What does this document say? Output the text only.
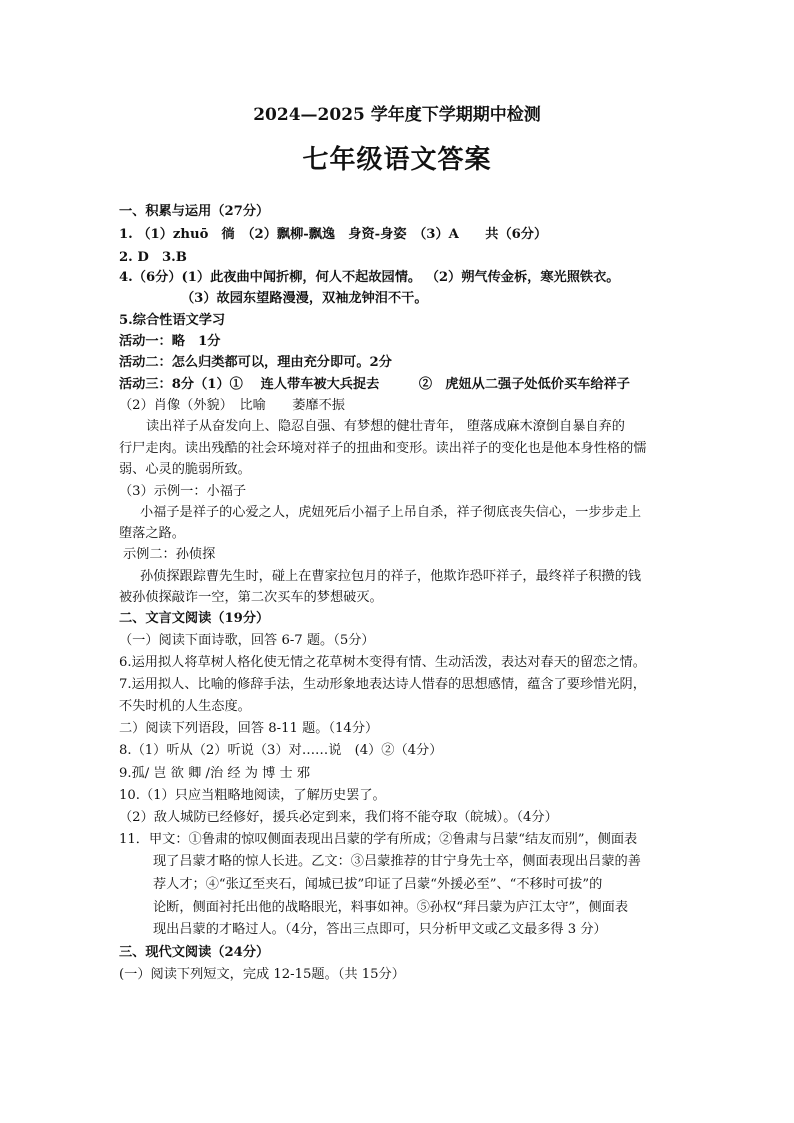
2024—2025 学年度下学期期中检测
七年级语文答案
一、积累与运用（27分）
1. （1）zhuō　徜　（2）飘柳-飘逸　身资-身姿　（3）A　　共（6分）
2. D　3.B
4.（6分）(1）此夜曲中闻折柳，何人不起故园情。 （2）朔气传金柝，寒光照铁衣。
（3）故园东望路漫漫，双袖龙钟泪不干。
5.综合性语文学习
活动一：略　1分
活动二：怎么归类都可以，理由充分即可。2分
活动三：8分（1）①　 连人带车被大兵捉去　　　②　虎妞从二强子处低价买车给祥子
（2）肖像（外貌）　比喻　　萎靡不振
读出祥子从奋发向上、隐忍自强、有梦想的健壮青年， 堕落成麻木潦倒自暴自弃的
行尸走肉。读出残酷的社会环境对祥子的扭曲和变形。读出祥子的变化也是他本身性格的懦
弱、心灵的脆弱所致。
（3）示例一：小福子
小福子是祥子的心爱之人，虎妞死后小福子上吊自杀，祥子彻底丧失信心，一步步走上
堕落之路。
示例二：孙侦探
孙侦探跟踪曹先生时，碰上在曹家拉包月的祥子，他欺诈恐吓祥子，最终祥子积攒的钱
被孙侦探敲诈一空，第二次买车的梦想破灭。
二、文言文阅读（19分）
（一）阅读下面诗歌，回答 6-7 题。（5分）
6.运用拟人将草树人格化使无情之花草树木变得有情、生动活泼，表达对春天的留恋之情。
7.运用拟人、比喻的修辞手法，生动形象地表达诗人惜春的思想感情，蕴含了要珍惜光阴，
不失时机的人生态度。
二）阅读下列语段，回答 8-11 题。（14分）
8.（1）听从（2）听说（3）对……说　(4）②（4分）
9.孤/ 岂 欲 卿 /治 经 为 博 士 邪
10.（1）只应当粗略地阅读，了解历史罢了。
（2）敌人城防已经修好，援兵必定到来，我们将不能夺取（皖城）。（4分）
11．甲文：①鲁肃的惊叹侧面表现出吕蒙的学有所成；②鲁肃与吕蒙“结友而别”，侧面表
现了吕蒙才略的惊人长进。乙文：③吕蒙推荐的甘宁身先士卒，侧面表现出吕蒙的善
荐人才；④“张辽至夹石，闻城已拔”印证了吕蒙“外援必至”、“不移时可拔”的
论断，侧面衬托出他的战略眼光，料事如神。⑤孙权“拜吕蒙为庐江太守”，侧面表
现出吕蒙的才略过人。（4分，答出三点即可，只分析甲文或乙文最多得 3 分）
三、现代文阅读（24分）
(一）阅读下列短文，完成 12-15题。（共 15分）
